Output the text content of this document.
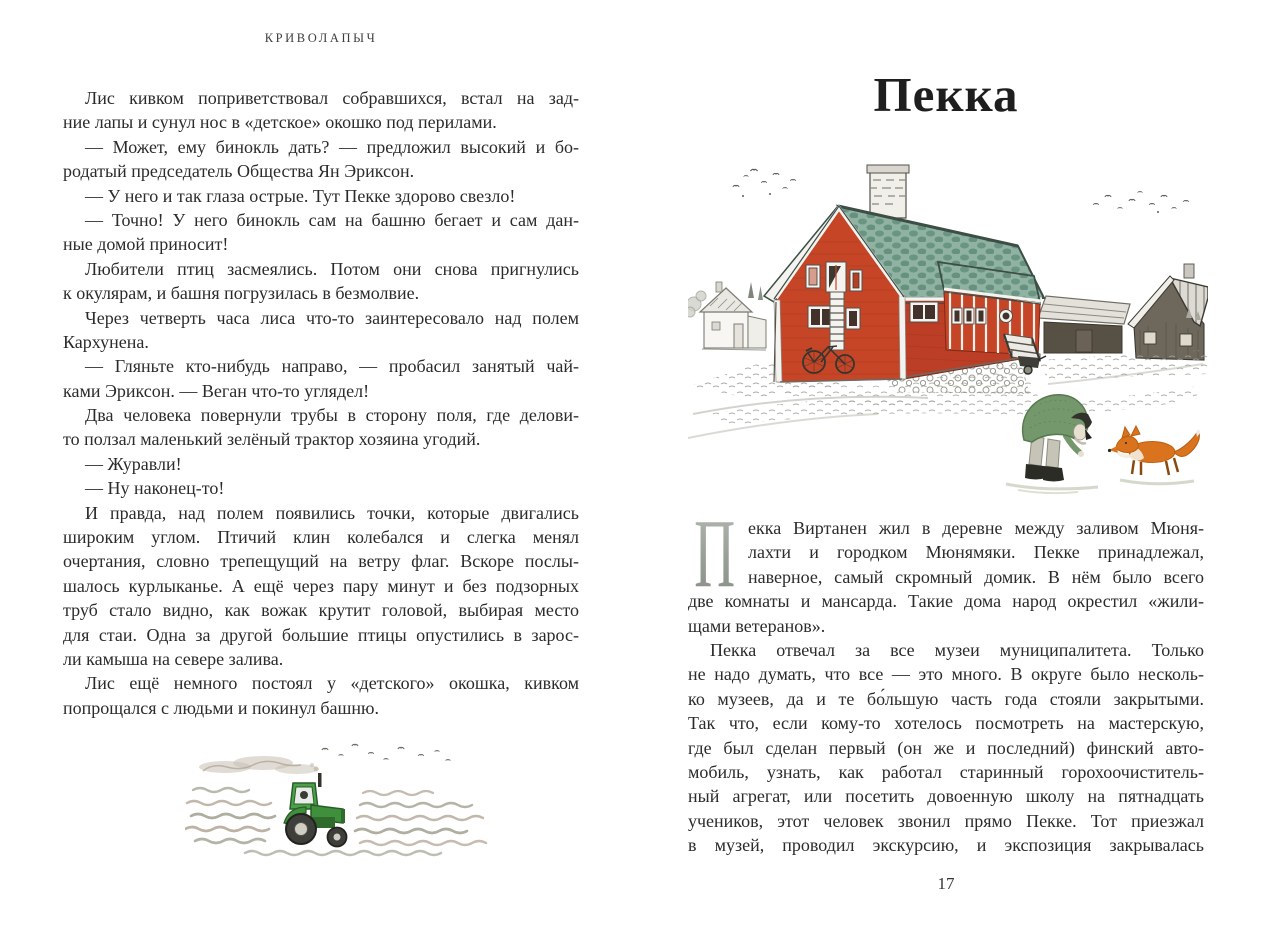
КРИВОЛАПЫЧ
Лис кивком поприветствовал собравшихся, встал на зад-
ние лапы и сунул нос в «детское» окошко под перилами.
— Может, ему бинокль дать? — предложил высокий и бо-
родатый председатель Общества Ян Эриксон.
— У него и так глаза острые. Тут Пекке здорово свезло!
— Точно! У него бинокль сам на башню бегает и сам дан-
ные домой приносит!
Любители птиц засмеялись. Потом они снова пригнулись
к окулярам, и башня погрузилась в безмолвие.
Через четверть часа лиса что-то заинтересовало над полем
Кархунена.
— Гляньте кто-нибудь направо, — пробасил занятый чай-
ками Эриксон. — Веган что-то углядел!
Два человека повернули трубы в сторону поля, где делови-
то ползал маленький зелёный трактор хозяина угодий.
— Журавли!
— Ну наконец-то!
И правда, над полем появились точки, которые двигались
широким углом. Птичий клин колебался и слегка менял
очертания, словно трепещущий на ветру флаг. Вскоре послы-
шалось курлыканье. А ещё через пару минут и без подзорных
труб стало видно, как вожак крутит головой, выбирая место
для стаи. Одна за другой большие птицы опустились в зарос-
ли камыша на севере залива.
Лис ещё немного постоял у «детского» окошка, кивком
попрощался с людьми и покинул башню.
Пекка
П екка Виртанен жил в деревне между заливом Мюня-
лахти и городком Мюнямяки. Пекке принадлежал,
наверное, самый скромный домик. В нём было всего
две комнаты и мансарда. Такие дома народ окрестил «жили-
щами ветеранов».
Пекка отвечал за все музеи муниципалитета. Только
не надо думать, что все — это много. В округе было несколь-
ко музеев, да и те бо́льшую часть года стояли закрытыми.
Так что, если кому-то хотелось посмотреть на мастерскую,
где был сделан первый (он же и последний) финский авто-
мобиль, узнать, как работал старинный горохоочиститель-
ный агрегат, или посетить довоенную школу на пятнадцать
учеников, этот человек звонил прямо Пекке. Тот приезжал
в музей, проводил экскурсию, и экспозиция закрывалась
17
